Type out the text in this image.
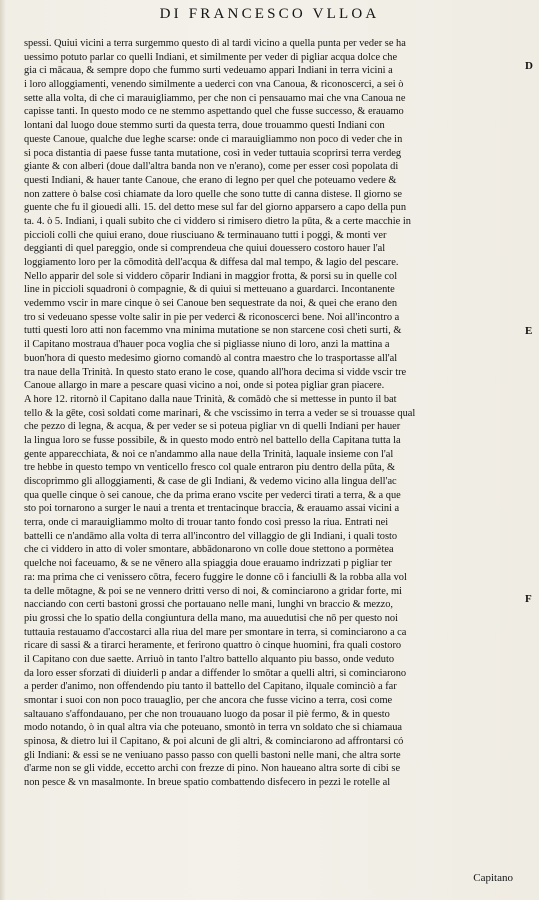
DI FRANCESCO VLLOA
D
E
F
spessi. Quiui vicini a terra surgemmo questo dì al tardi vicino a quella punta per veder se ha
uessimo potuto parlar co quelli Indiani, et similmente per veder di pigliar acqua dolce che
gia ci mācaua, & sempre dopo che fummo surti vedeuamo appari Indiani in terra vicini a
i loro alloggiamenti, venendo similmente a uederci con vna Canoua, & riconoscerci, a sei ò
sette alla volta, di che ci marauigliammo, per che non ci pensauamo mai che vna Canoua ne
capisse tanti. In questo modo ce ne stemmo aspettando quel che fusse successo, & erauamo
lontani dal luogo doue stemmo surti da questa terra, doue trouammo questi Indiani con
queste Canoue, qualche due leghe scarse: onde ci marauigliammo non poco di veder che in
si poca distantia di paese fusse tanta mutatione, così in veder tuttauia scoprirsi terra verdeg
giante & con alberi (doue dall'altra banda non ve n'erano), come per esser così popolata di
questi Indiani, & hauer tante Canoue, che erano di legno per quel che poteuamo vedere &
non zattere ò balse così chiamate da loro quelle che sono tutte di canna distese. Il giorno se
guente che fu il giouedi alli. 15. del detto mese sul far del giorno apparsero a capo della pun
ta. 4. ò 5. Indiani, i quali subito che ci viddero si rimisero dietro la pūta, & a certe macchie in
piccioli colli che quiui erano, doue riusciuano & terminauano tutti i poggi, & monti ver
deggianti di quel pareggio, onde si comprendeua che quiui douessero costoro hauer l'al
loggiamento loro per la cōmodità dell'acqua & diffesa dal mal tempo, & lagio del pescare.
Nello apparir del sole si viddero cōparir Indiani in maggior frotta, & porsi su in quelle col
line in piccioli squadroni ò compagnie, & di quiui si metteuano a guardarci. Incontanente
vedemmo vscir in mare cinque ò sei Canoue ben sequestrate da noi, & quei che erano den
tro si vedeuano spesse volte salir in pie per vederci & riconoscerci bene. Noi all'incontro a
tutti questi loro atti non facemmo vna minima mutatione se non starcene così cheti surti, &
il Capitano mostraua d'hauer poca voglia che si pigliasse niuno di loro, anzi la mattina a
buon'hora di questo medesimo giorno comandò al contra maestro che lo trasportasse all'al
tra naue della Trinità. In questo stato erano le cose, quando all'hora decima si vidde vscir tre
Canoue allargo in mare a pescare quasi vicino a noi, onde si potea pigliar gran piacere.
A hore 12. ritornò il Capitano dalla naue Trinità, & comādò che si mettesse in punto il bat
tello & la gēte, così soldati come marinari, & che vscissimo in terra a veder se si trouasse qual
che pezzo di legna, & acqua, & per veder se si poteua pigliar vn di quelli Indiani per hauer
la lingua loro se fusse possibile, & in questo modo entrò nel battello della Capitana tutta la
gente apparecchiata, & noi ce n'andammo alla naue della Trinità, laquale insieme con l'al
tre hebbe in questo tempo vn venticello fresco col quale entraron piu dentro della pūta, &
discoprimmo gli alloggiamenti, & case de gli Indiani, & vedemo vicino alla lingua dell'ac
qua quelle cinque ò sei canoue, che da prima erano vscite per vederci tirati a terra, & a que
sto poi tornarono a surger le naui a trenta et trentacinque braccia, & erauamo assai vicini a
terra, onde ci marauigliammo molto di trouar tanto fondo così presso la riua. Entrati nei
battelli ce n'andāmo alla volta di terra all'incontro del villaggio de gli Indiani, i quali tosto
che ci viddero in atto di voler smontare, abbādonarono vn colle doue stettono a pormètea
quelche noi faceuamo, & se ne vēnero alla spiaggia doue erauamo indrizzati p pigliar ter
ra: ma prima che ci venissero cōtra, fecero fuggire le donne cō i fanciulli & la robba alla vol
ta delle mōtagne, & poi se ne vennero dritti verso di noi, & cominciarono a gridar forte, mi
nacciando con certi bastoni grossi che portauano nelle mani, lunghi vn braccio & mezzo,
piu grossi che lo spatio della congiuntura della mano, ma auuedutisi che nō per questo noi
tuttauia restauamo d'accostarci alla riua del mare per smontare in terra, si cominciarono a ca
ricare di sassi & a tirarci heramente, et ferirono quattro ò cinque huomini, fra quali costoro
il Capitano con due saette. Arriuò in tanto l'altro battello alquanto piu basso, onde veduto
da loro esser sforzati di diuiderli p andar a diffender lo smōtar a quelli altri, si cominciarono
a perder d'animo, non offendendo piu tanto il battello del Capitano, ilquale cominciò a far
smontar i suoi con non poco trauaglio, per che ancora che fusse vicino a terra, così come
saltauano s'affondauano, per che non trouauano luogo da posar il piè fermo, & in questo
modo notando, ò in qual altra via che poteuano, smontò in terra vn soldato che si chiamaua
spinosa, & dietro lui il Capitano, & poi alcuni de gli altri, & cominciarono ad affrontarsi có
gli Indiani: & essi se ne veniuano passo passo con quelli bastoni nelle mani, che altra sorte
d'arme non se gli vidde, eccetto archi con frezze di pino. Non haueano altra sorte di cibi se
non pesce & vn masalmonte. In breue spatio combattendo disfecero in pezzi le rotelle al
Capitano
